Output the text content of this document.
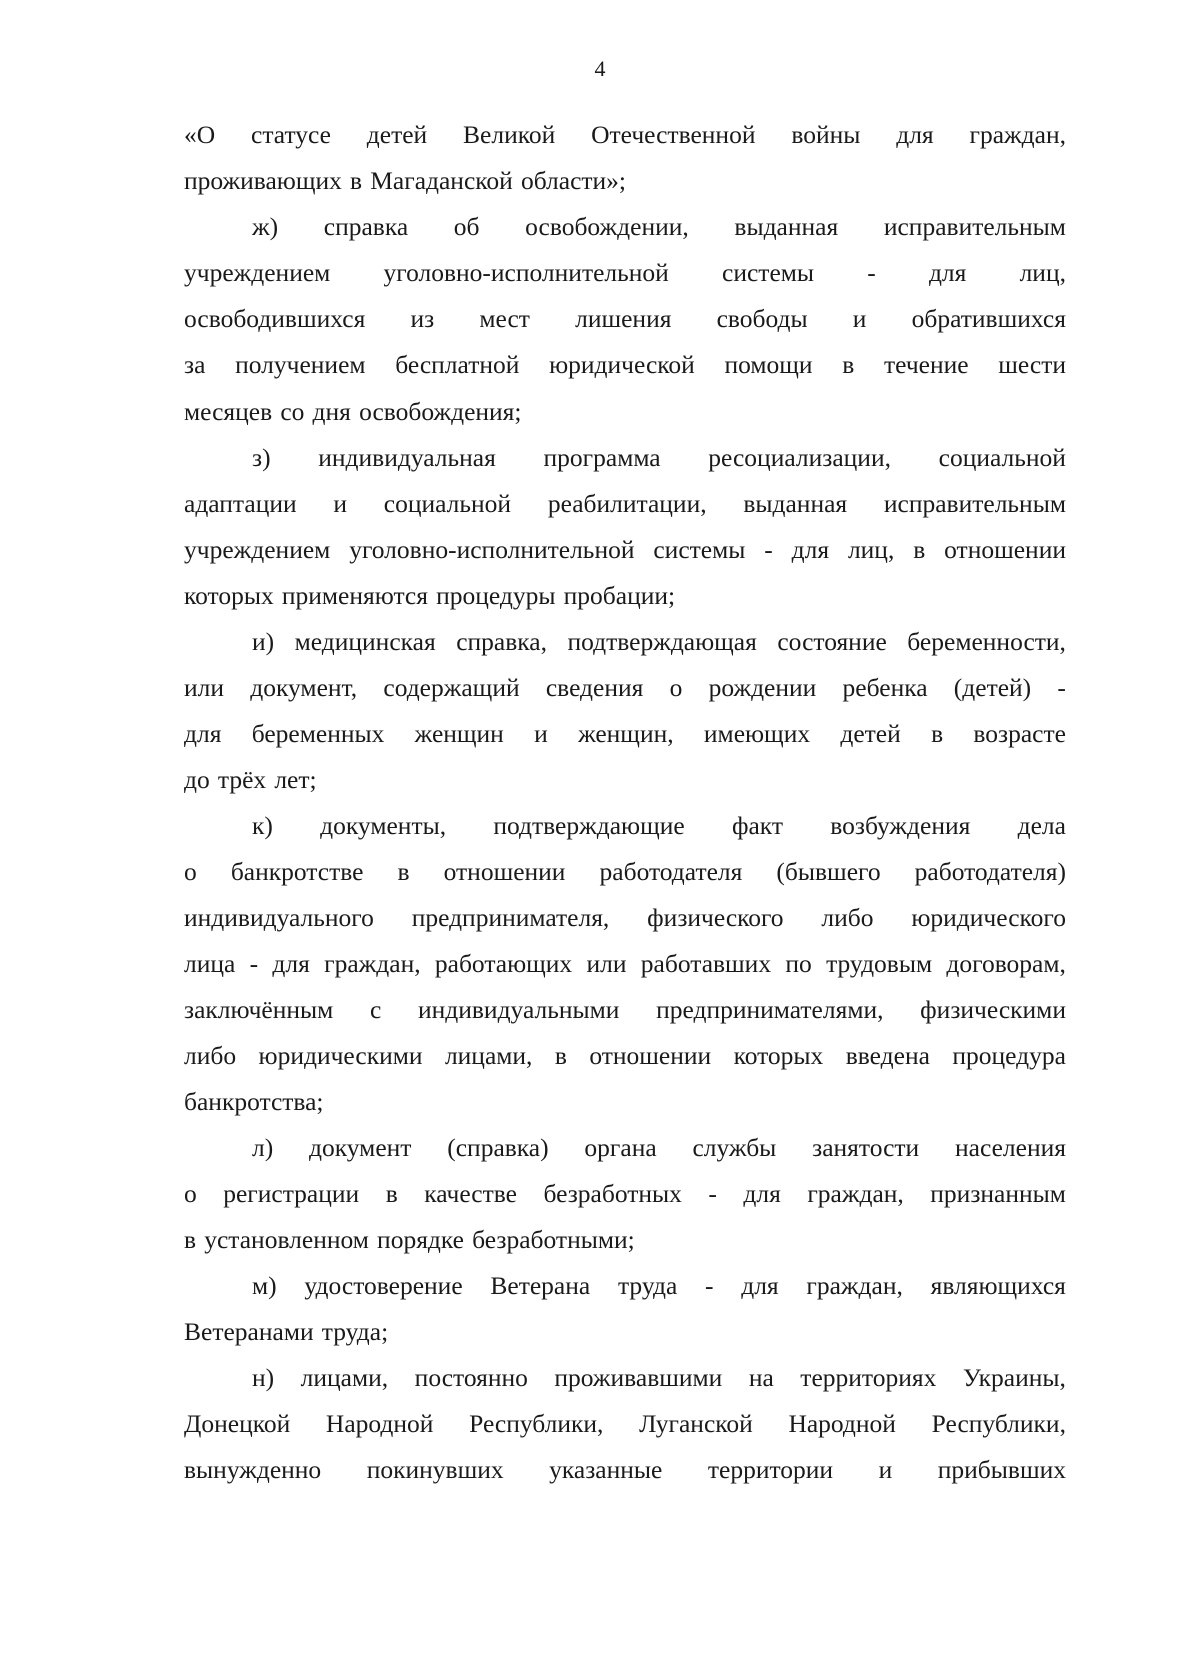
4
«О статусе детей Великой Отечественной войны для граждан,
проживающих в Магаданской области»;
ж) справка об освобождении, выданная исправительным
учреждением уголовно-исполнительной системы - для лиц,
освободившихся из мест лишения свободы и обратившихся
за получением бесплатной юридической помощи в течение шести
месяцев со дня освобождения;
з) индивидуальная программа ресоциализации, социальной
адаптации и социальной реабилитации, выданная исправительным
учреждением уголовно-исполнительной системы - для лиц, в отношении
которых применяются процедуры пробации;
и) медицинская справка, подтверждающая состояние беременности,
или документ, содержащий сведения о рождении ребенка (детей) -
для беременных женщин и женщин, имеющих детей в возрасте
до трёх лет;
к) документы, подтверждающие факт возбуждения дела
о банкротстве в отношении работодателя (бывшего работодателя)
индивидуального предпринимателя, физического либо юридического
лица - для граждан, работающих или работавших по трудовым договорам,
заключённым с индивидуальными предпринимателями, физическими
либо юридическими лицами, в отношении которых введена процедура
банкротства;
л) документ (справка) органа службы занятости населения
о регистрации в качестве безработных - для граждан, признанным
в установленном порядке безработными;
м) удостоверение Ветерана труда - для граждан, являющихся
Ветеранами труда;
н) лицами, постоянно проживавшими на территориях Украины,
Донецкой Народной Республики, Луганской Народной Республики,
вынужденно покинувших указанные территории и прибывших
